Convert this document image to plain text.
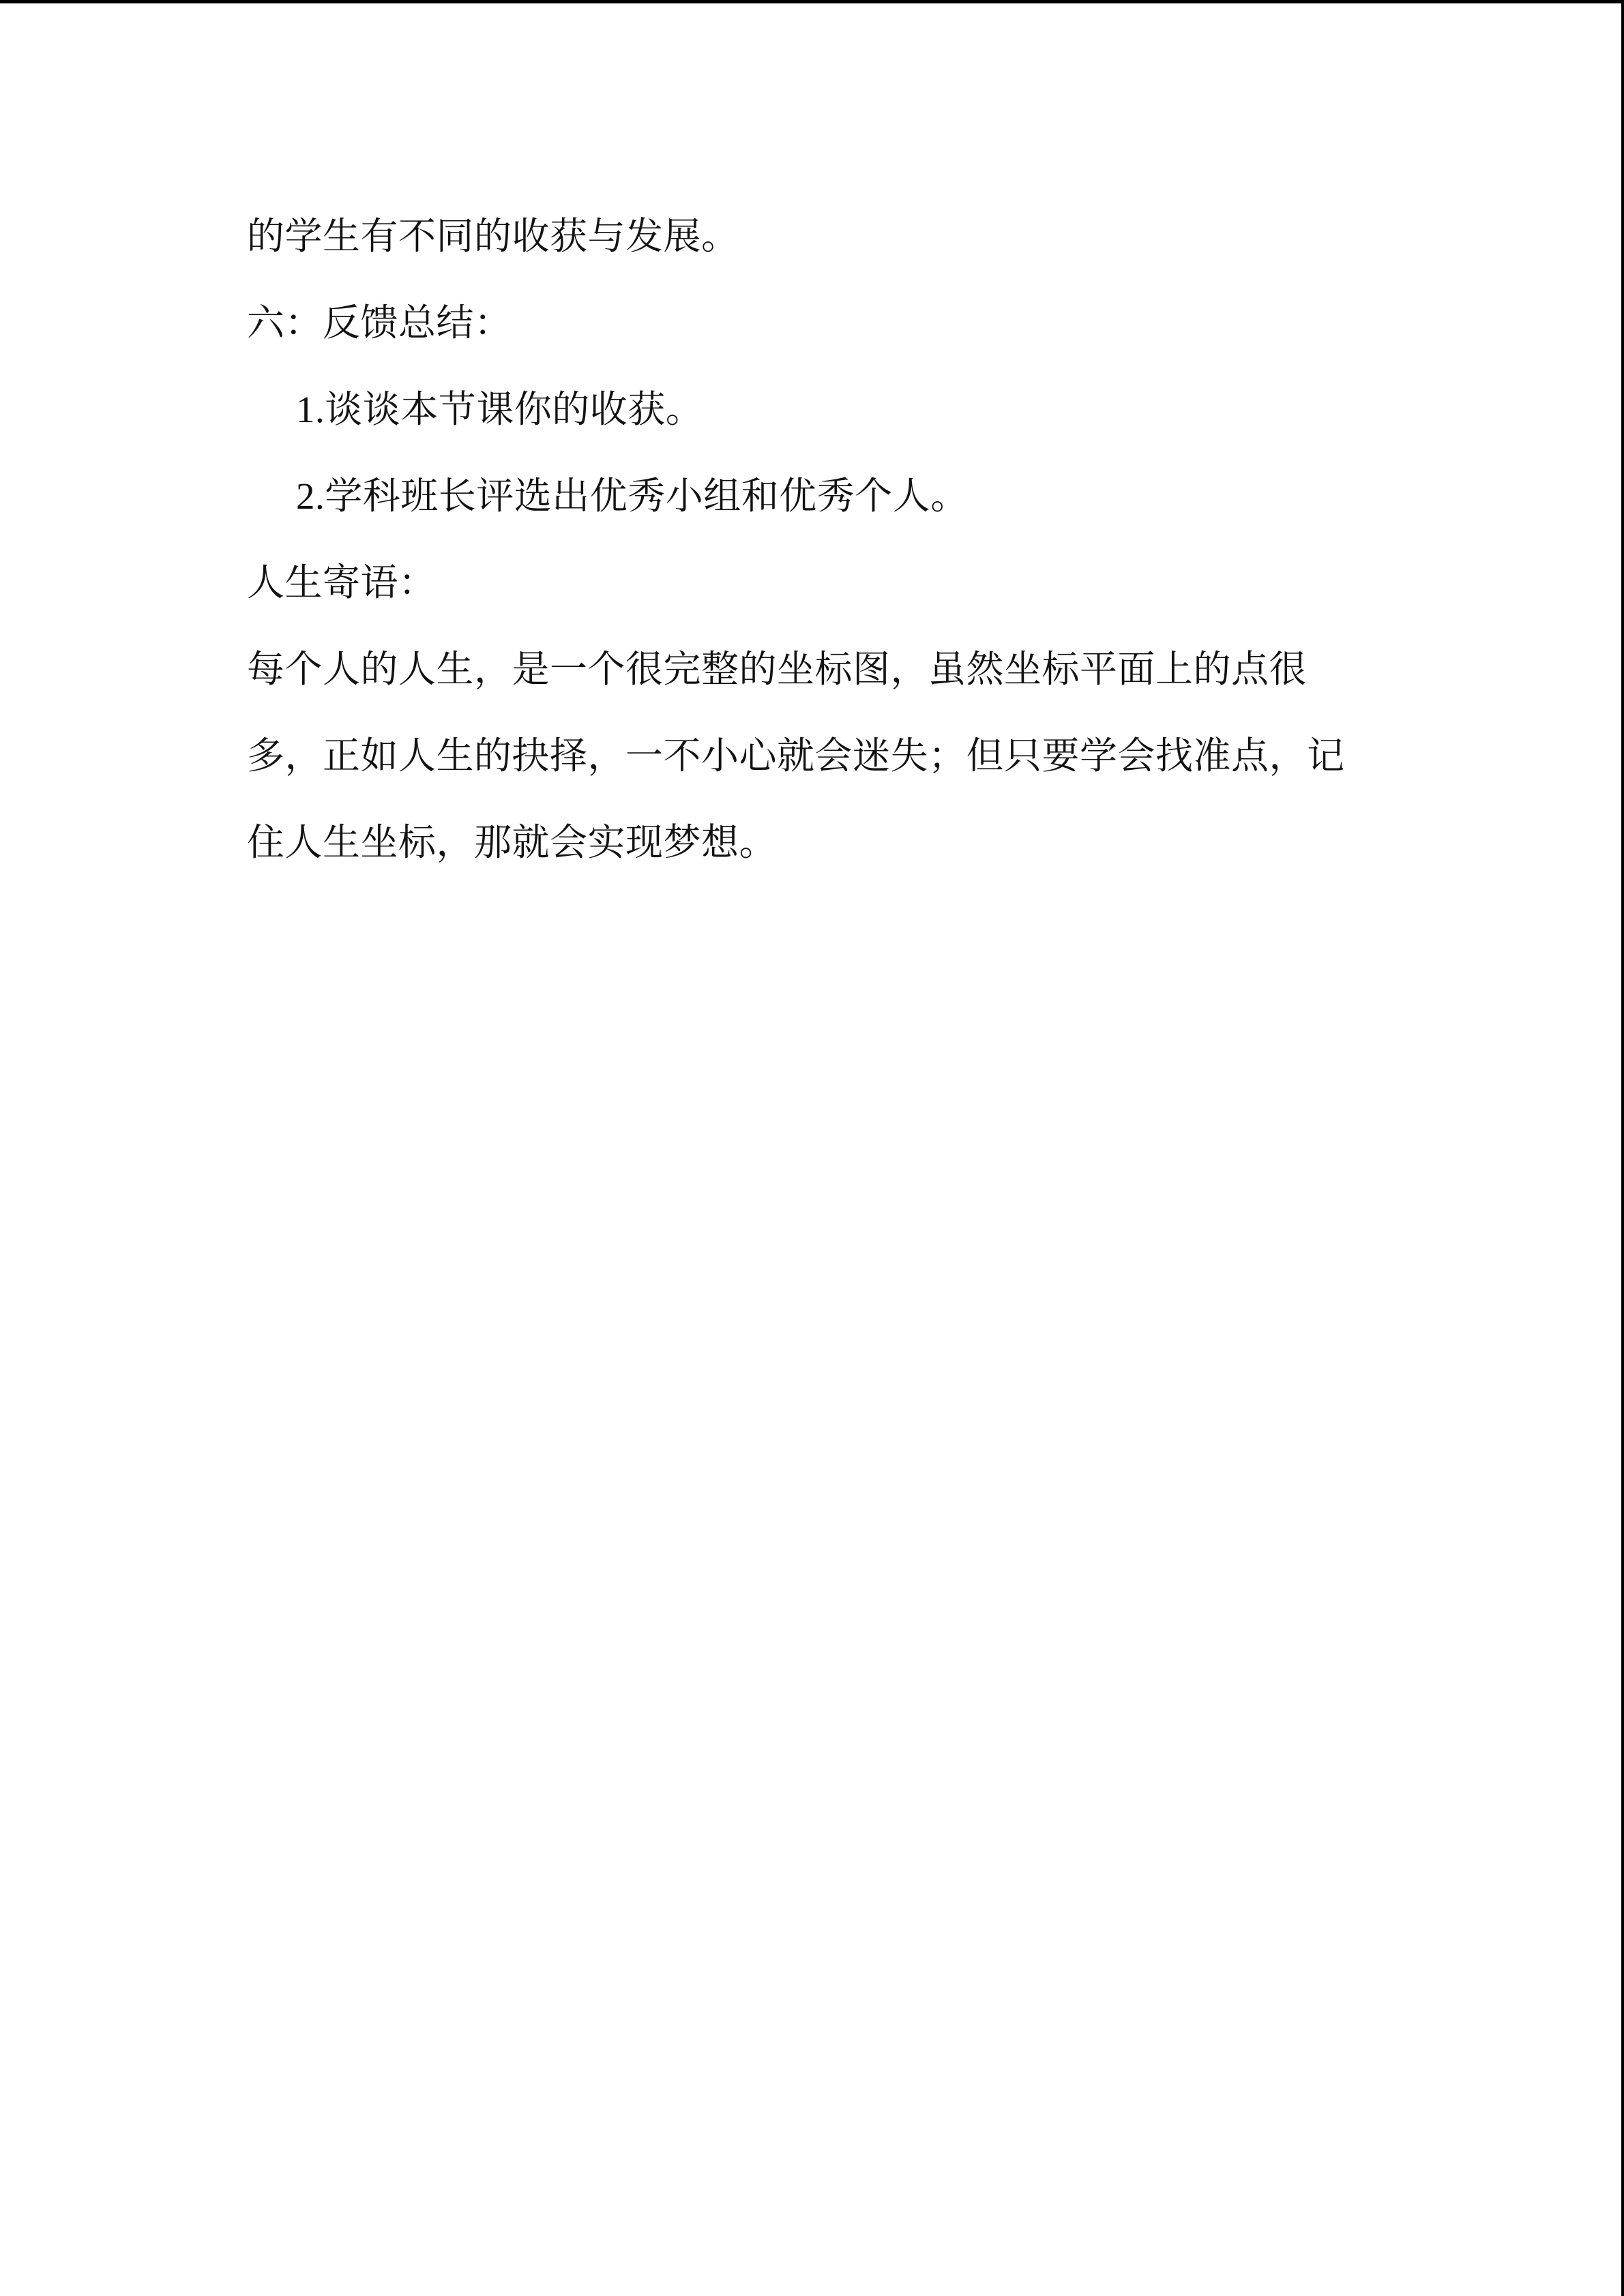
的学生有不同的收获与发展。

六：反馈总结：

1.谈谈本节课你的收获。

2.学科班长评选出优秀小组和优秀个人。

人生寄语：

每个人的人生，是一个很完整的坐标图，虽然坐标平面上的点很

多，正如人生的抉择，一不小心就会迷失；但只要学会找准点，记

住人生坐标，那就会实现梦想。
